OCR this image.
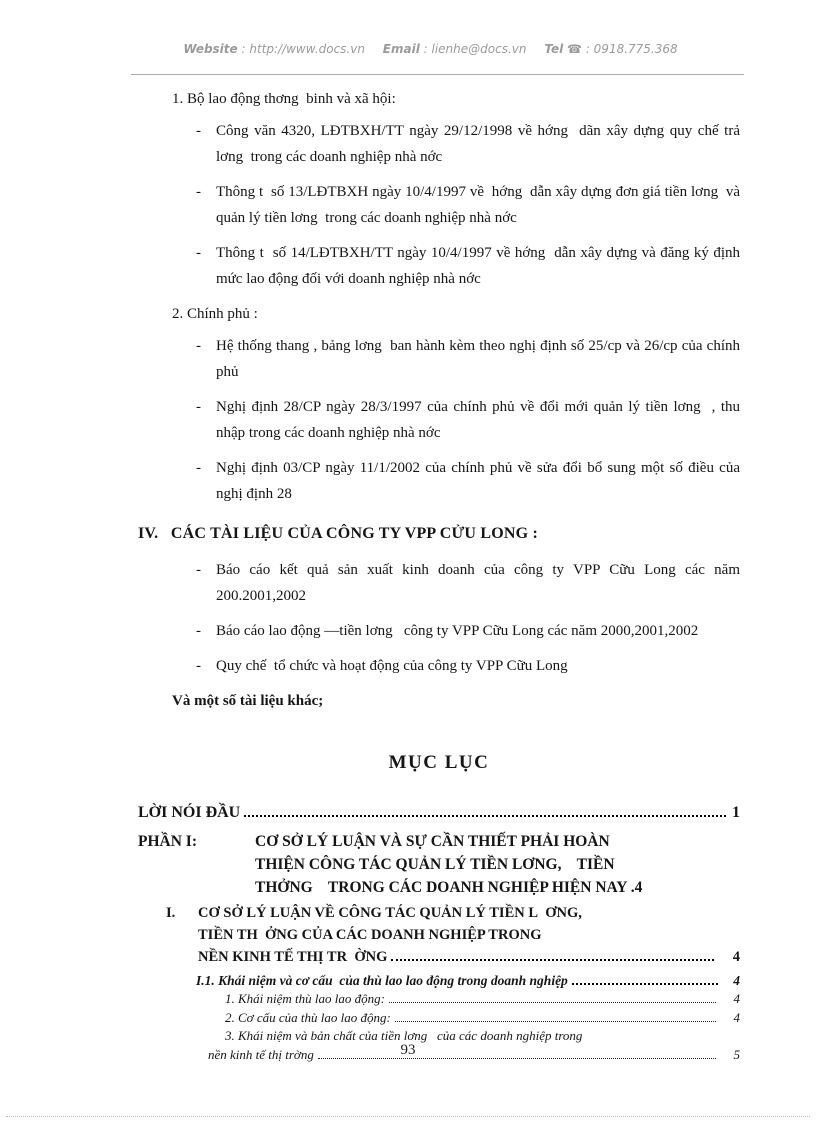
Website : http://www.docs.vn Email : lienhe@docs.vn Tel ☎ : 0918.775.368
1. Bộ lao động thơng  binh và xã hội:
-	Công văn 4320, LĐTBXH/TT ngày 29/12/1998 về hớng  dãn xây dựng quy chế trả lơng  trong các doanh nghiệp nhà nớc
-	Thông t  số 13/LĐTBXH ngày 10/4/1997 về  hớng  dẫn xây dựng đơn giá tiền lơng  và quản lý tiền lơng  trong các doanh nghiệp nhà nớc
-	Thông t  số 14/LĐTBXH/TT ngày 10/4/1997 về hớng  dẫn xây dựng và đăng ký định mức lao động đối với doanh nghiệp nhà nớc
2. Chính phủ :
-	Hệ thống thang , bảng lơng  ban hành kèm theo nghị định số 25/cp và 26/cp của chính phủ
-	Nghị định 28/CP ngày 28/3/1997 của chính phủ về đổi mới quản lý tiền lơng  , thu nhập trong các doanh nghiệp nhà nớc
-	Nghị định 03/CP ngày 11/1/2002 của chính phủ về sửa đổi bổ sung một số điều của nghị định 28
IV.   CÁC TÀI LIỆU CỦA CÔNG TY VPP CỬU LONG :
-	Báo cáo kết quả sản xuất kinh doanh của công ty VPP Cữu Long các năm 200.2001,2002
-	Báo cáo lao động —tiền lơng   công ty VPP Cữu Long các năm 2000,2001,2002
-	Quy chế  tổ chức và hoạt động của công ty VPP Cữu Long
Và một số tài liệu khác;
MỤC LỤC
LỜI NÓI ĐẦU	1
PHẦN I:	CƠ SỞ LÝ LUẬN VÀ SỰ CẦN THIẾT PHẢI HOÀN
THIỆN CÔNG TÁC QUẢN LÝ TIỀN LƠNG,    TIỀN
THỞNG    TRONG CÁC DOANH NGHIỆP HIỆN NAY .4
I.	CƠ SỞ LÝ LUẬN VỀ CÔNG TÁC QUẢN LÝ TIỀN L  ƠNG,
TIỀN TH  ỞNG CỦA CÁC DOANH NGHIỆP TRONG
NỀN KINH TẾ THỊ TR  ỜNG	4
I.1. Khái niệm và cơ cấu  của thù lao lao động trong doanh nghiệp	4
1. Khái niệm thù lao lao động:	4
2. Cơ cấu của thù lao lao động:	4
3. Khái niệm và bản chất của tiền lơng   của các doanh nghiệp trong
nền kinh tế thị trờng	5
93
